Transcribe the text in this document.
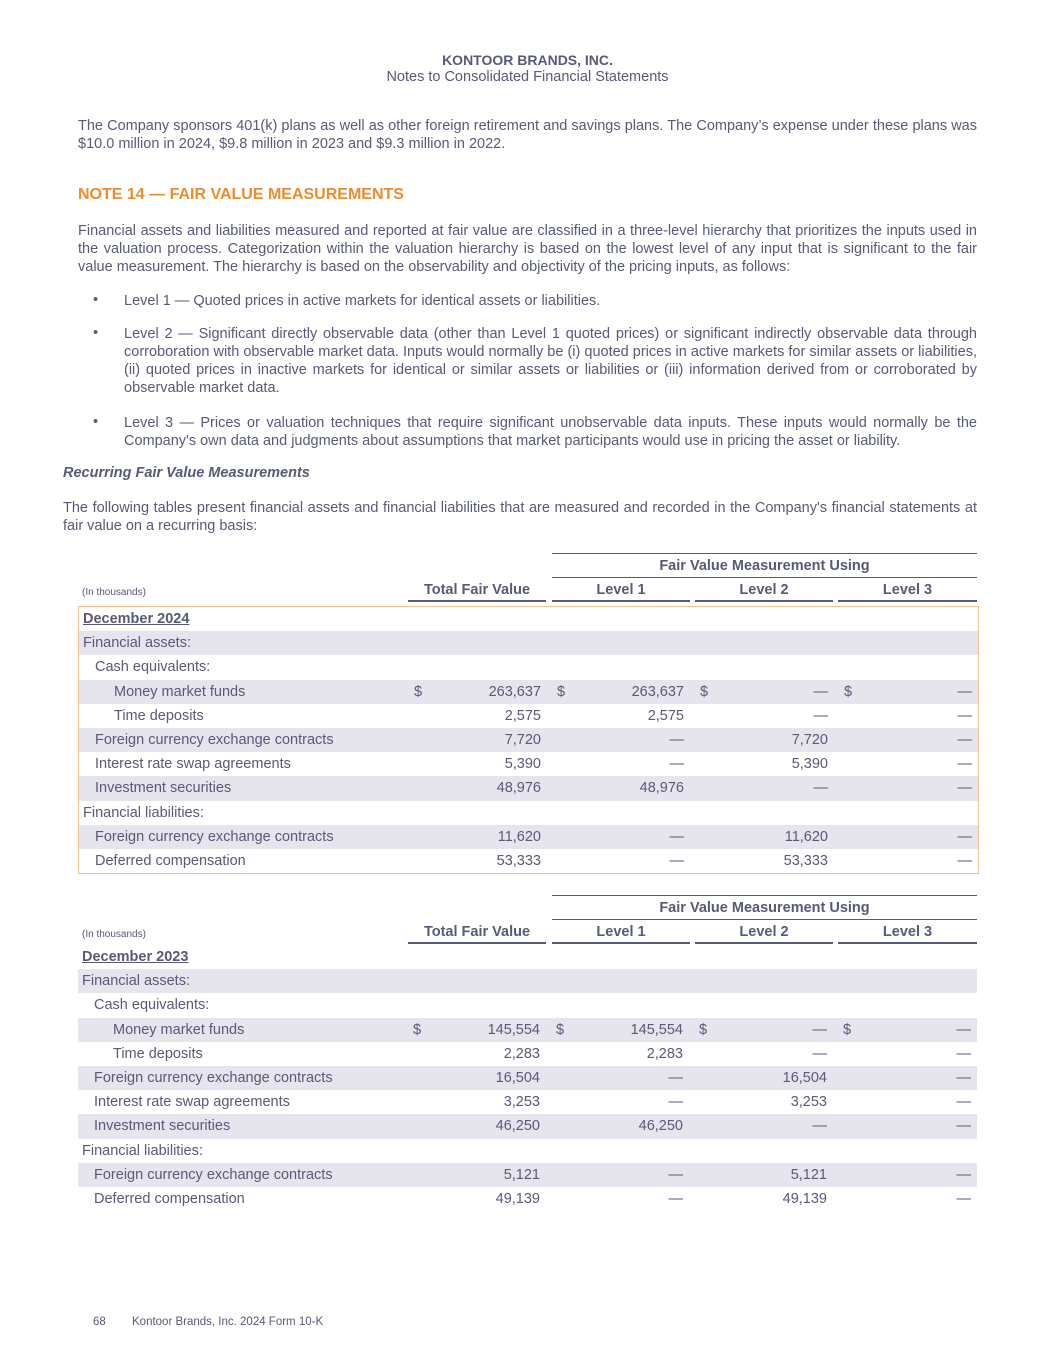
KONTOOR BRANDS, INC.
Notes to Consolidated Financial Statements
The Company sponsors 401(k) plans as well as other foreign retirement and savings plans. The Company’s expense under these plans was $10.0 million in 2024, $9.8 million in 2023 and $9.3 million in 2022.
NOTE 14 — FAIR VALUE MEASUREMENTS
Financial assets and liabilities measured and reported at fair value are classified in a three-level hierarchy that prioritizes the inputs used in the valuation process. Categorization within the valuation hierarchy is based on the lowest level of any input that is significant to the fair value measurement. The hierarchy is based on the observability and objectivity of the pricing inputs, as follows:
• Level 1 — Quoted prices in active markets for identical assets or liabilities.
• Level 2 — Significant directly observable data (other than Level 1 quoted prices) or significant indirectly observable data through corroboration with observable market data. Inputs would normally be (i) quoted prices in active markets for similar assets or liabilities, (ii) quoted prices in inactive markets for identical or similar assets or liabilities or (iii) information derived from or corroborated by observable market data.
• Level 3 — Prices or valuation techniques that require significant unobservable data inputs. These inputs would normally be the Company's own data and judgments about assumptions that market participants would use in pricing the asset or liability.
Recurring Fair Value Measurements
The following tables present financial assets and financial liabilities that are measured and recorded in the Company's financial statements at fair value on a recurring basis:
Fair Value Measurement Using
(In thousands)	Total Fair Value	Level 1	Level 2	Level 3
December 2024
Financial assets:
Cash equivalents:
Money market funds	$	263,637 $	263,637 $	— $	—
Time deposits	2,575	2,575	—	—
Foreign currency exchange contracts	7,720	—	7,720	—
Interest rate swap agreements	5,390	—	5,390	—
Investment securities	48,976	48,976	—	—
Financial liabilities:
Foreign currency exchange contracts	11,620	—	11,620	—
Deferred compensation	53,333	—	53,333	—
Fair Value Measurement Using
(In thousands)	Total Fair Value	Level 1	Level 2	Level 3
December 2023
Financial assets:
Cash equivalents:
Money market funds	$	145,554 $	145,554 $	— $	—
Time deposits	2,283	2,283	—	—
Foreign currency exchange contracts	16,504	—	16,504	—
Interest rate swap agreements	3,253	—	3,253	—
Investment securities	46,250	46,250	—	—
Financial liabilities:
Foreign currency exchange contracts	5,121	—	5,121	—
Deferred compensation	49,139	—	49,139	—
68 Kontoor Brands, Inc. 2024 Form 10-K
